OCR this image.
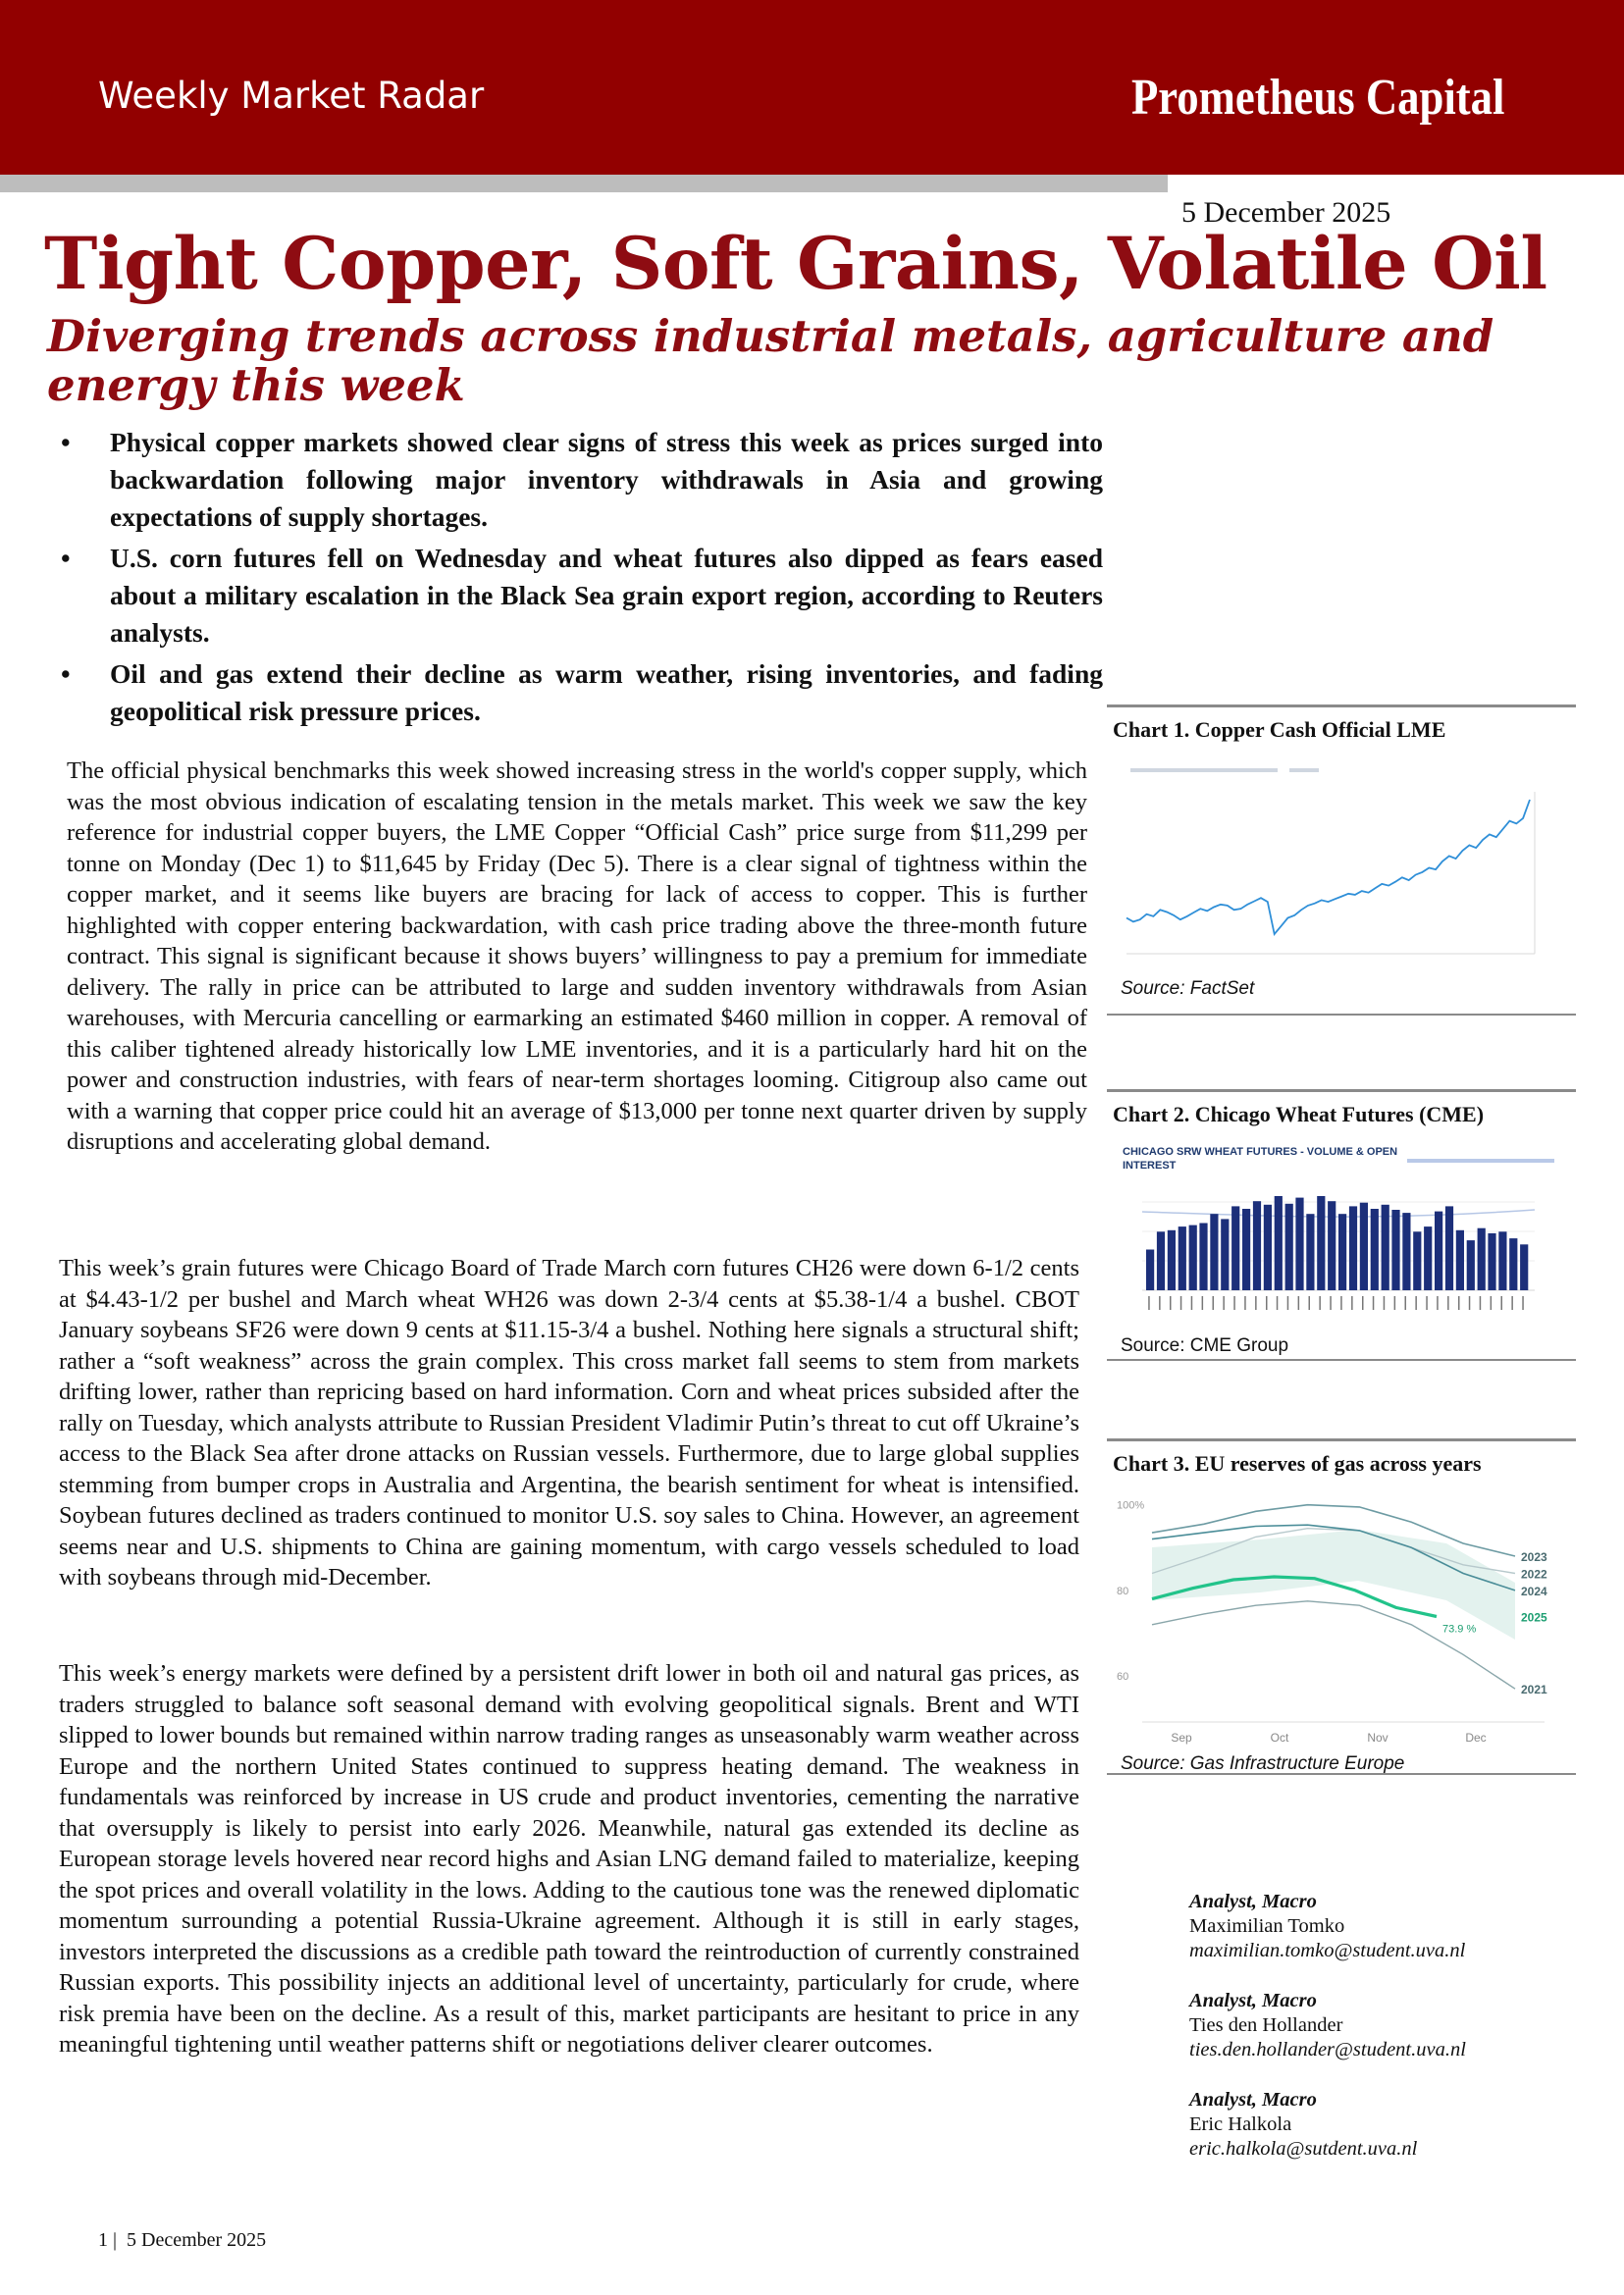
Weekly Market Radar	Prometheus Capital
5 December 2025
Tight Copper, Soft Grains, Volatile Oil
Diverging trends across industrial metals, agriculture and energy this week
• Physical copper markets showed clear signs of stress this week as prices surged into backwardation following major inventory withdrawals in Asia and growing expectations of supply shortages.
• U.S. corn futures fell on Wednesday and wheat futures also dipped as fears eased about a military escalation in the Black Sea grain export region, according to Reuters analysts.
• Oil and gas extend their decline as warm weather, rising inventories, and fading geopolitical risk pressure prices.
The official physical benchmarks this week showed increasing stress in the world's copper supply, which was the most obvious indication of escalating tension in the metals market. This week we saw the key reference for industrial copper buyers, the LME Copper “Official Cash” price surge from $11,299 per tonne on Monday (Dec 1) to $11,645 by Friday (Dec 5). There is a clear signal of tightness within the copper market, and it seems like buyers are bracing for lack of access to copper. This is further highlighted with copper entering backwardation, with cash price trading above the three-month future contract. This signal is significant because it shows buyers’ willingness to pay a premium for immediate delivery. The rally in price can be attributed to large and sudden inventory withdrawals from Asian warehouses, with Mercuria cancelling or earmarking an estimated $460 million in copper. A removal of this caliber tightened already historically low LME inventories, and it is a particularly hard hit on the power and construction industries, with fears of near-term shortages looming. Citigroup also came out with a warning that copper price could hit an average of $13,000 per tonne next quarter driven by supply disruptions and accelerating global demand.
This week’s grain futures were Chicago Board of Trade March corn futures CH26 were down 6-1/2 cents at $4.43-1/2 per bushel and March wheat WH26 was down 2-3/4 cents at $5.38-1/4 a bushel. CBOT January soybeans SF26 were down 9 cents at $11.15-3/4 a bushel. Nothing here signals a structural shift; rather a “soft weakness” across the grain complex. This cross market fall seems to stem from markets drifting lower, rather than repricing based on hard information. Corn and wheat prices subsided after the rally on Tuesday, which analysts attribute to Russian President Vladimir Putin’s threat to cut off Ukraine’s access to the Black Sea after drone attacks on Russian vessels. Furthermore, due to large global supplies stemming from bumper crops in Australia and Argentina, the bearish sentiment for wheat is intensified. Soybean futures declined as traders continued to monitor U.S. soy sales to China. However, an agreement seems near and U.S. shipments to China are gaining momentum, with cargo vessels scheduled to load with soybeans through mid-December.
This week’s energy markets were defined by a persistent drift lower in both oil and natural gas prices, as traders struggled to balance soft seasonal demand with evolving geopolitical signals. Brent and WTI slipped to lower bounds but remained within narrow trading ranges as unseasonably warm weather across Europe and the northern United States continued to suppress heating demand. The weakness in fundamentals was reinforced by increase in US crude and product inventories, cementing the narrative that oversupply is likely to persist into early 2026. Meanwhile, natural gas extended its decline as European storage levels hovered near record highs and Asian LNG demand failed to materialize, keeping the spot prices and overall volatility in the lows. Adding to the cautious tone was the renewed diplomatic momentum surrounding a potential Russia-Ukraine agreement. Although it is still in early stages, investors interpreted the discussions as a credible path toward the reintroduction of currently constrained Russian exports. This possibility injects an additional level of uncertainty, particularly for crude, where risk premia have been on the decline. As a result of this, market participants are hesitant to price in any meaningful tightening until weather patterns shift or negotiations deliver clearer outcomes.
Chart 1. Copper Cash Official LME
Source: FactSet
Chart 2. Chicago Wheat Futures (CME)
CHICAGO SRW WHEAT FUTURES - VOLUME & OPEN
INTEREST
Source: CME Group
Chart 3. EU reserves of gas across years
2023
2022
2025
73.9 %
2024
2021
100%
80
60
Sep	Oct	Nov	Dec
Source: Gas Infrastructure Europe
Analyst, Macro
Maximilian Tomko
maximilian.tomko@student.uva.nl
Analyst, Macro
Ties den Hollander
ties.den.hollander@student.uva.nl
Analyst, Macro
Eric Halkola
eric.halkola@sutdent.uva.nl
1 | 5 December 2025
